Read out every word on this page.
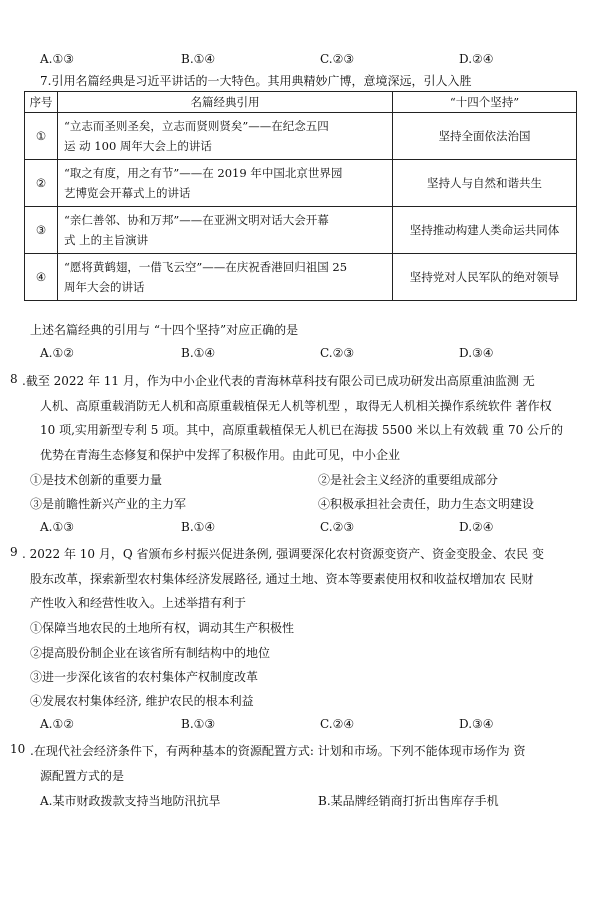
A.①③	B.①④	C.②③	D.②④
7.引用名篇经典是习近平讲话的一大特色。其用典精妙广博，意境深远，引人入胜
序号	名篇经典引用	“十四个坚持”
①	“立志而圣则圣矣，立志而贤则贤矣”——在纪念五四
运 动 100 周年大会上的讲话	坚持全面依法治国
②	“取之有度，用之有节”——在 2019 年中国北京世界园
艺博览会开幕式上的讲话	坚持人与自然和谐共生
③	“亲仁善邻、协和万邦”——在亚洲文明对话大会开幕
式 上的主旨演讲	坚持推动构建人类命运共同体
④	“愿将黄鹤翅，一借飞云空”——在庆祝香港回归祖国 25
周年大会的讲话	坚持党对人民军队的绝对领导
上述名篇经典的引用与 “十四个坚持”对应正确的是
A.①②	B.①④	C.②③	D.③④
8 .截至 2022 年 11 月，作为中小企业代表的青海林草科技有限公司已成功研发出高原重油监测 无
人机、高原重载消防无人机和高原重载植保无人机等机型 ，取得无人机相关操作系统软件 著作权
10 项,实用新型专利 5 项。其中，高原重载植保无人机已在海拔 5500 米以上有效载 重 70 公斤的
优势在青海生态修复和保护中发挥了积极作用。由此可见，中小企业
①是技术创新的重要力量	②是社会主义经济的重要组成部分
③是前瞻性新兴产业的主力军	④积极承担社会责任，助力生态文明建设
A.①③	B.①④	C.②③	D.②④
9 . 2022 年 10 月，Q 省颁布乡村振兴促进条例, 强调要深化农村资源变资产、资金变股金、农民 变
股东改革，探索新型农村集体经济发展路径, 通过土地、资本等要素使用权和收益权增加农 民财
产性收入和经营性收入。上述举措有利于
①保障当地农民的土地所有权，调动其生产积极性
②提高股份制企业在该省所有制结构中的地位
③进一步深化该省的农村集体产权制度改革
④发展农村集体经济, 维护农民的根本利益
A.①②	B.①③	C.②④	D.③④
10 .在现代社会经济条件下，有两种基本的资源配置方式: 计划和市场。下列不能体现市场作为 资
源配置方式的是
A.某市财政拨款支持当地防汛抗旱	B.某品牌经销商打折出售库存手机
